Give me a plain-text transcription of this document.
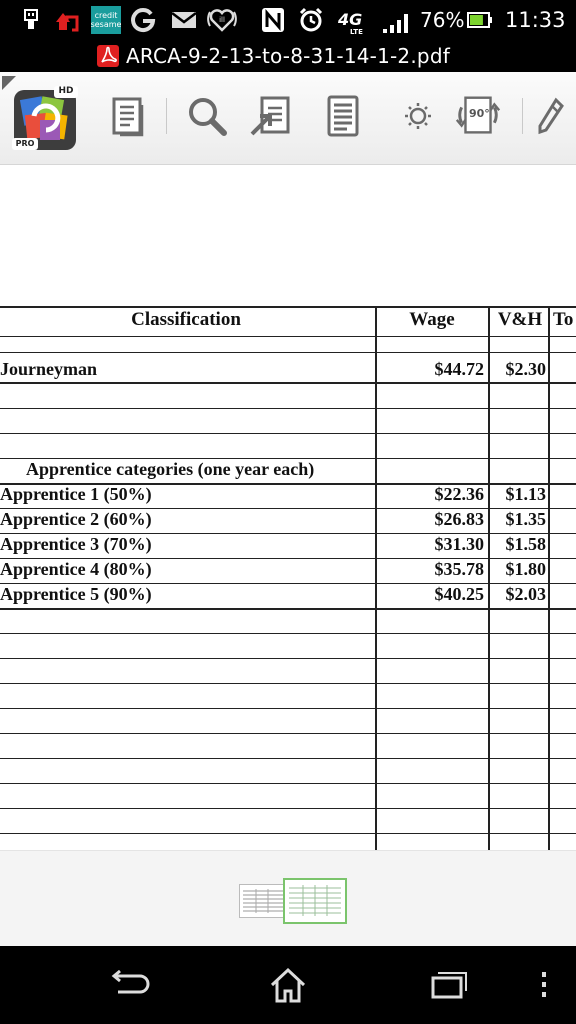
credit
sesame	ill	4G
LTE	76% 11:33
ARCA-9-2-13-to-8-31-14-1-2.pdf
HD
PRO
90°
Classification	Wage	V&H To
Journeyman	$44.72	$2.30
Apprentice categories (one year each)
Apprentice 1 (50%)	$22.36	$1.13
Apprentice 2 (60%)	$26.83	$1.35
Apprentice 3 (70%)	$31.30	$1.58
Apprentice 4 (80%)	$35.78	$1.80
Apprentice 5 (90%)	$40.25	$2.03
